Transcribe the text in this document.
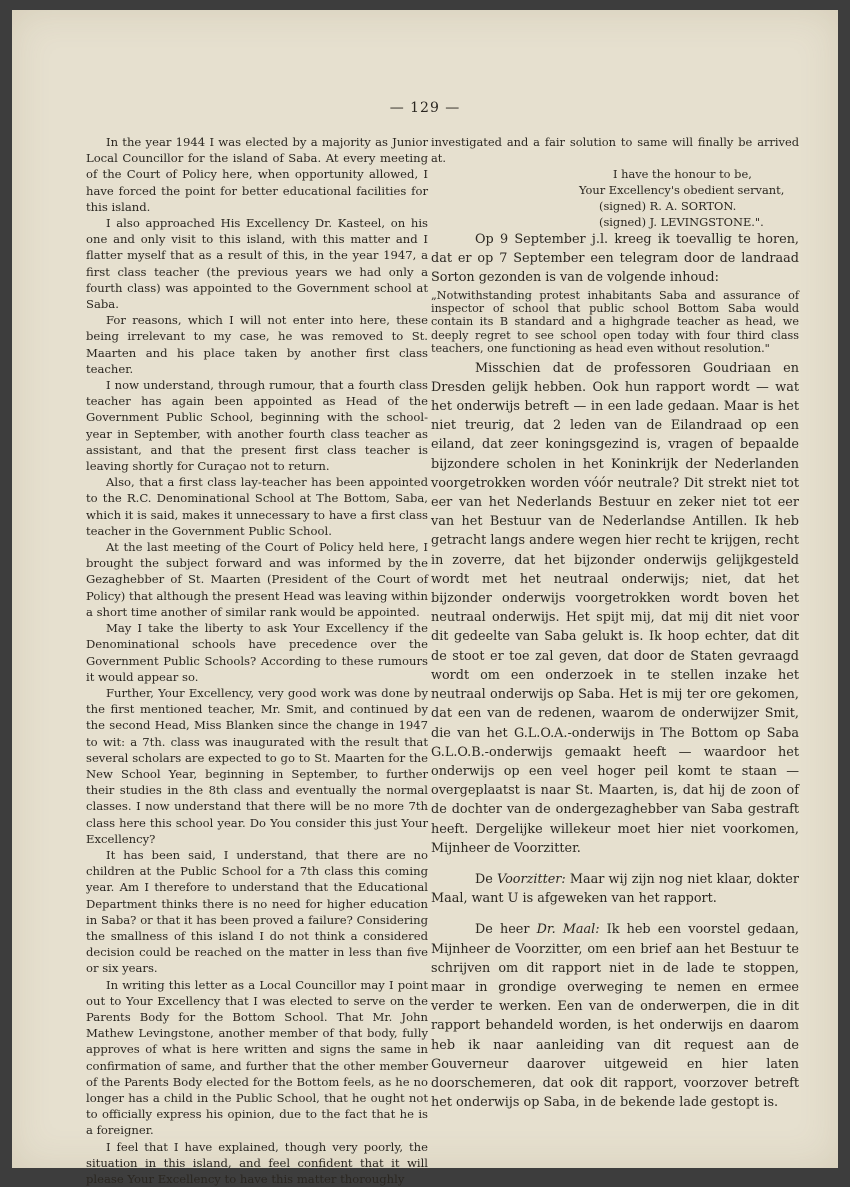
— 129 —

In the year 1944 I was elected by a majority as Junior Local Councillor for the island of Saba. At every meeting of the Court of Policy here, when opportunity allowed, I have forced the point for better educational facilities for this island.

I also approached His Excellency Dr. Kasteel, on his one and only visit to this island, with this matter and I flatter myself that as a result of this, in the year 1947, a first class teacher (the previous years we had only a fourth class) was appointed to the Government school at Saba.

For reasons, which I will not enter into here, these being irrelevant to my case, he was removed to St. Maarten and his place taken by another first class teacher.

I now understand, through rumour, that a fourth class teacher has again been appointed as Head of the Government Public School, beginning with the school-year in September, with another fourth class teacher as assistant, and that the present first class teacher is leaving shortly for Curaçao not to return.

Also, that a first class lay-teacher has been appointed to the R.C. Denominational School at The Bottom, Saba, which it is said, makes it unnecessary to have a first class teacher in the Government Public School.

At the last meeting of the Court of Policy held here, I brought the subject forward and was informed by the Gezaghebber of St. Maarten (President of the Court of Policy) that although the present Head was leaving within a short time another of similar rank would be appointed.

May I take the liberty to ask Your Excellency if the Denominational schools have precedence over the Government Public Schools? According to these rumours it would appear so.

Further, Your Excellency, very good work was done by the first mentioned teacher, Mr. Smit, and continued by the second Head, Miss Blanken since the change in 1947 to wit: a 7th. class was inaugurated with the result that several scholars are expected to go to St. Maarten for the New School Year, beginning in September, to further their studies in the 8th class and eventually the normal classes. I now understand that there will be no more 7th class here this school year. Do You consider this just Your Excellency?

It has been said, I understand, that there are no children at the Public School for a 7th class this coming year. Am I therefore to understand that the Educational Department thinks there is no need for higher education in Saba? or that it has been proved a failure? Considering the smallness of this island I do not think a considered decision could be reached on the matter in less than five or six years.

In writing this letter as a Local Councillor may I point out to Your Excellency that I was elected to serve on the Parents Body for the Bottom School. That Mr. John Mathew Levingstone, another member of that body, fully approves of what is here written and signs the same in confirmation of same, and further that the other member of the Parents Body elected for the Bottom feels, as he no longer has a child in the Public School, that he ought not to officially express his opinion, due to the fact that he is a foreigner.

I feel that I have explained, though very poorly, the situation in this island, and feel confident that it will please Your Excellency to have this matter thoroughly

investigated and a fair solution to same will finally be arrived at.

I have the honour to be,

Your Excellency's obedient servant,

(signed) R. A. SORTON.

(signed) J. LEVINGSTONE.".

Op 9 September j.l. kreeg ik toevallig te horen, dat er op 7 September een telegram door de landraad Sorton gezonden is van de volgende inhoud:

„Notwithstanding protest inhabitants Saba and assurance of inspector of school that public school Bottom Saba would contain its B standard and a highgrade teacher as head, we deeply regret to see school open today with four third class teachers, one functioning as head even without resolution."

Misschien dat de professoren Goudriaan en Dresden gelijk hebben. Ook hun rapport wordt — wat het onderwijs betreft — in een lade gedaan. Maar is het niet treurig, dat 2 leden van de Eilandraad op een eiland, dat zeer koningsgezind is, vragen of bepaalde bijzondere scholen in het Koninkrijk der Nederlanden voorgetrokken worden vóór neutrale? Dit strekt niet tot eer van het Nederlands Bestuur en zeker niet tot eer van het Bestuur van de Nederlandse Antillen. Ik heb getracht langs andere wegen hier recht te krijgen, recht in zoverre, dat het bijzonder onderwijs gelijkgesteld wordt met het neutraal onderwijs; niet, dat het bijzonder onderwijs voorgetrokken wordt boven het neutraal onderwijs. Het spijt mij, dat mij dit niet voor dit gedeelte van Saba gelukt is. Ik hoop echter, dat dit de stoot er toe zal geven, dat door de Staten gevraagd wordt om een onderzoek in te stellen inzake het neutraal onderwijs op Saba. Het is mij ter ore gekomen, dat een van de redenen, waarom de onderwijzer Smit, die van het G.L.O.A.-onderwijs in The Bottom op Saba G.L.O.B.-onderwijs gemaakt heeft — waardoor het onderwijs op een veel hoger peil komt te staan — overgeplaatst is naar St. Maarten, is, dat hij de zoon of de dochter van de ondergezaghebber van Saba gestraft heeft. Dergelijke willekeur moet hier niet voorkomen, Mijnheer de Voorzitter.

De Voorzitter: Maar wij zijn nog niet klaar, dokter Maal, want U is afgeweken van het rapport.

De heer Dr. Maal: Ik heb een voorstel gedaan, Mijnheer de Voorzitter, om een brief aan het Bestuur te schrijven om dit rapport niet in de lade te stoppen, maar in grondige overweging te nemen en ermee verder te werken. Een van de onderwerpen, die in dit rapport behandeld worden, is het onderwijs en daarom heb ik naar aanleiding van dit request aan de Gouverneur daarover uitgeweid en hier laten doorschemeren, dat ook dit rapport, voorzover betreft het onderwijs op Saba, in de bekende lade gestopt is.
